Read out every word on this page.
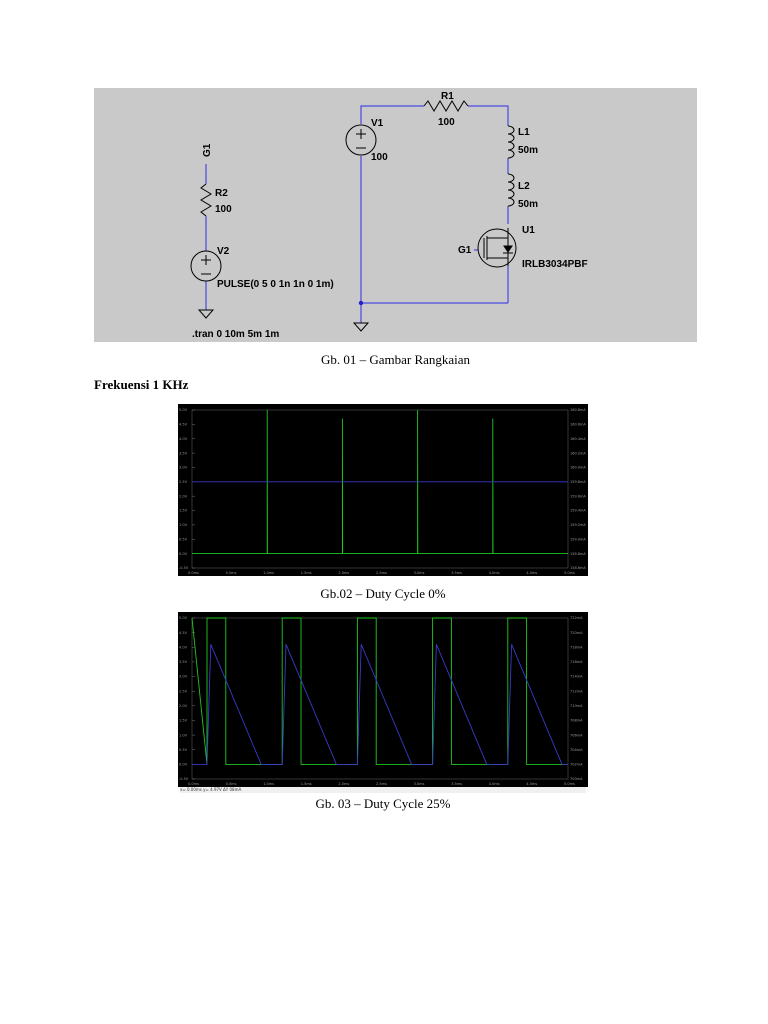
V1
100
R1
100
L1
50m
L2
50m
U1
IRLB3034PBF
G1
G1
R2
100
V2
PULSE(0 5 0 1n 1n 0 1m)
.tran 0 10m 5m 1m
Gb. 01 – Gambar Rangkaian
Frekuensi 1 KHz
5.0V
4.5V
4.0V
3.5V
3.0V
2.5V
2.0V
1.5V
1.0V
0.5V
0.0V
-0.5V
160.8mA
160.6mA
160.4mA
160.2mA
160.0mA
159.8mA
159.6mA
159.4mA
159.2mA
159.0mA
158.8mA
158.6mA
0.0ms	0.5ms	1.0ms	1.5ms	2.0ms	2.5ms	3.0ms	3.5ms	4.0ms	4.5ms	5.0ms
Gb.02 – Duty Cycle 0%
5.0V
4.5V
4.0V
3.5V
3.0V
2.5V
2.0V
1.5V
1.0V
0.5V
0.0V
-0.5V
722mA
720mA
718mA
716mA
714mA
712mA
710mA
708mA
706mA
704mA
702mA
700mA
0.0ms	0.5ms	1.0ms	1.5ms	2.0ms	2.5ms	3.0ms	3.5ms	4.0ms	4.5ms	5.0ms
x= 0.00ms y= 4.97V ΔY 08mA
Gb. 03 – Duty Cycle 25%
